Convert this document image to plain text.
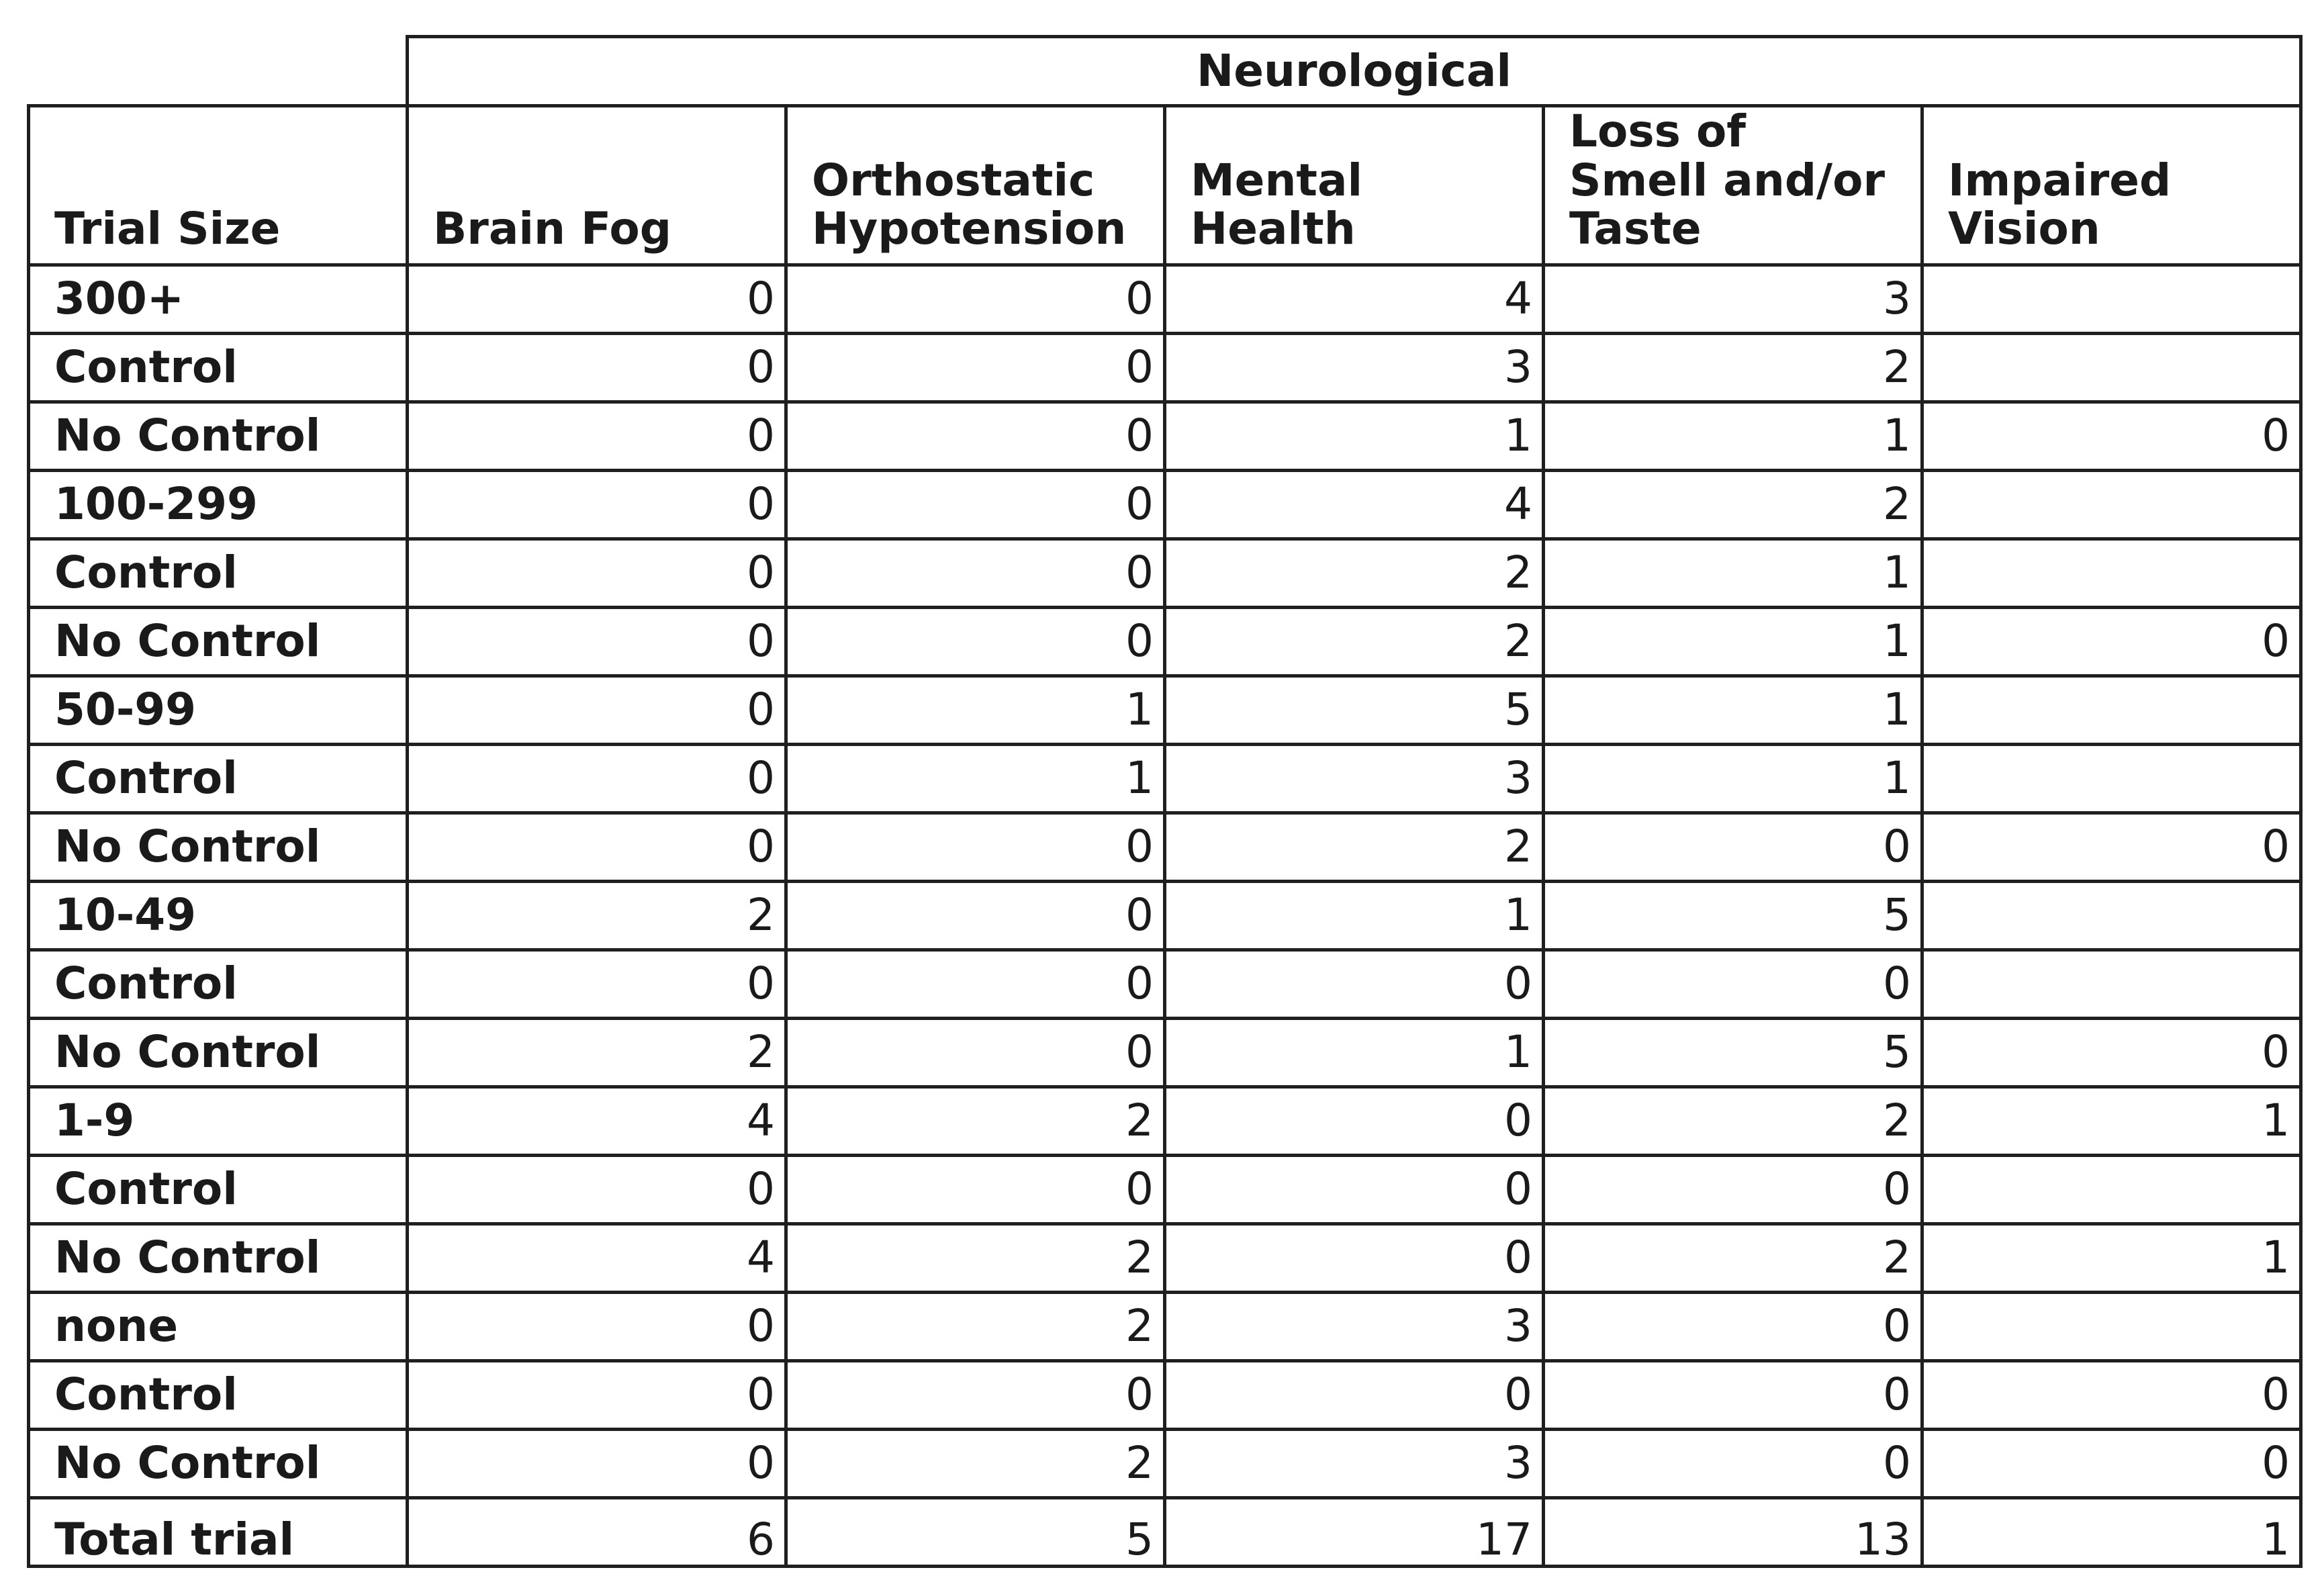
	Neurological				
Trial Size	Brain Fog	Orthostatic Hypotension	Mental Health	Loss of Smell and/or Taste	Impaired Vision
300+	0	0	4	3	
Control	0	0	3	2	
No Control	0	0	1	1	0
100-299	0	0	4	2	
Control	0	0	2	1	
No Control	0	0	2	1	0
50-99	0	1	5	1	
Control	0	1	3	1	
No Control	0	0	2	0	0
10-49	2	0	1	5	
Control	0	0	0	0	
No Control	2	0	1	5	0
1-9	4	2	0	2	1
Control	0	0	0	0	
No Control	4	2	0	2	1
none	0	2	3	0	
Control	0	0	0	0	0
No Control	0	2	3	0	0
Total trial	6	5	17	13	1
